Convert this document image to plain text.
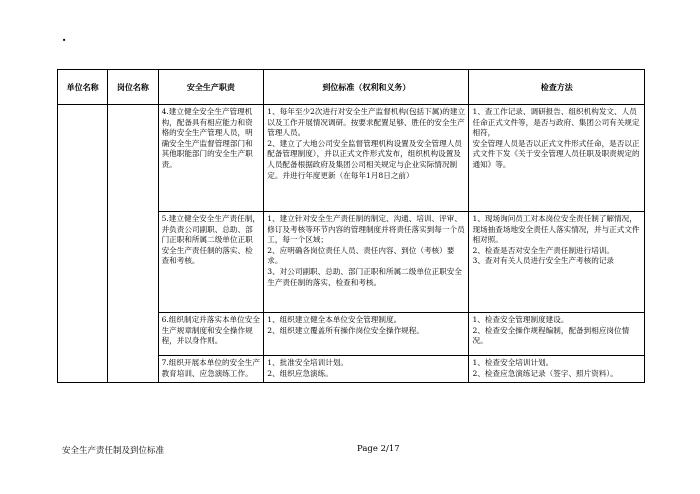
.
单位名称	岗位名称	安全生产职责	到位标准（权利和义务）	检查方法
		4.建立健全安全生产管理机构，配备具有相应能力和资格的安全生产管理人员，明确安全生产监督管理部门和其他职能部门的安全生产职责。	1、每年至少2次进行对安全生产监督机构(包括下属)的建立以及工作开展情况调研。按要求配置足够、胜任的安全生产管理人员。
2、建立了大地公司安全监督管理机构设置及安全管理人员配备管理制度），并以正式文件形式发布，组织机构设置及人员配备根据政府及集团公司相关规定与企业实际情况制定。并进行年度更新（在每年1月8日之前）	1、查工作记录、调研报告、组织机构发文、人员任命正式文件等，是否与政府、集团公司有关规定相符，
安全管理人员是否以正式文件形式任命，是否以正式文件下发《关于安全管理人员任职及职责规定的通知》等。

		5.建立健全安全生产责任制，并负责公司副职、总助、部门正职和所属二级单位正职安全生产责任制的落实、检查和考核。	1、建立针对安全生产责任制的制定、沟通、培训、评审、修订及考核等环节内容的管理制度并将责任落实到每一个员工，每一个区域；
2、应明确各岗位责任人员、责任内容、到位（考核）要求。
3、对公司副职、总助、部门正职和所属二级单位正职安全生产责任制的落实、检查和考核。	1、现场询问员工对本岗位安全责任制了解情况，现场抽查场地安全责任人落实情况，并与正式文件相对照。
2、检查是否对安全生产责任制进行培训。
3、查对有关人员进行安全生产考核的记录

		6.组织制定并落实本单位安全生产规章制度和安全操作规程，并以身作则。	1、组织建立健全本单位安全管理制度。
2、组织建立覆盖所有操作岗位安全操作规程。	1、检查安全管理制度建设。
2、检查安全操作规程编制，配备到相应岗位情况。

		7.组织开展本单位的安全生产教育培训、应急演练工作。	1、批准安全培训计划。
2、组织应急演练。	1、检查安全培训计划。
2、检查应急演练记录（签字、照片资料）。
安全生产责任制及到位标准	Page 2/17
